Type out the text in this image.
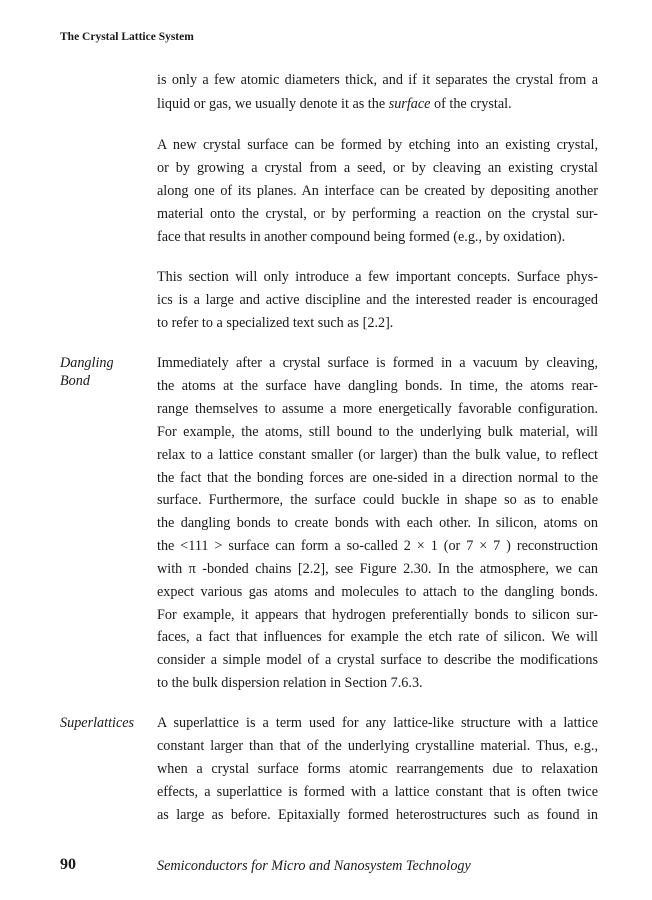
The Crystal Lattice System
is only a few atomic diameters thick, and if it separates the crystal from a
liquid or gas, we usually denote it as the surface of the crystal.
A new crystal surface can be formed by etching into an existing crystal,
or by growing a crystal from a seed, or by cleaving an existing crystal
along one of its planes. An interface can be created by depositing another
material onto the crystal, or by performing a reaction on the crystal sur-
face that results in another compound being formed (e.g., by oxidation).
This section will only introduce a few important concepts. Surface phys-
ics is a large and active discipline and the interested reader is encouraged
to refer to a specialized text such as [2.2].
Dangling
Bond
Immediately after a crystal surface is formed in a vacuum by cleaving,
the atoms at the surface have dangling bonds. In time, the atoms rear-
range themselves to assume a more energetically favorable configuration.
For example, the atoms, still bound to the underlying bulk material, will
relax to a lattice constant smaller (or larger) than the bulk value, to reflect
the fact that the bonding forces are one-sided in a direction normal to the
surface. Furthermore, the surface could buckle in shape so as to enable
the dangling bonds to create bonds with each other. In silicon, atoms on
the <111 > surface can form a so-called 2 × 1 (or 7 × 7 ) reconstruction
with π -bonded chains [2.2], see Figure 2.30. In the atmosphere, we can
expect various gas atoms and molecules to attach to the dangling bonds.
For example, it appears that hydrogen preferentially bonds to silicon sur-
faces, a fact that influences for example the etch rate of silicon. We will
consider a simple model of a crystal surface to describe the modifications
to the bulk dispersion relation in Section 7.6.3.
Superlattices	A superlattice is a term used for any lattice-like structure with a lattice
constant larger than that of the underlying crystalline material. Thus, e.g.,
when a crystal surface forms atomic rearrangements due to relaxation
effects, a superlattice is formed with a lattice constant that is often twice
as large as before. Epitaxially formed heterostructures such as found in
90	Semiconductors for Micro and Nanosystem Technology
